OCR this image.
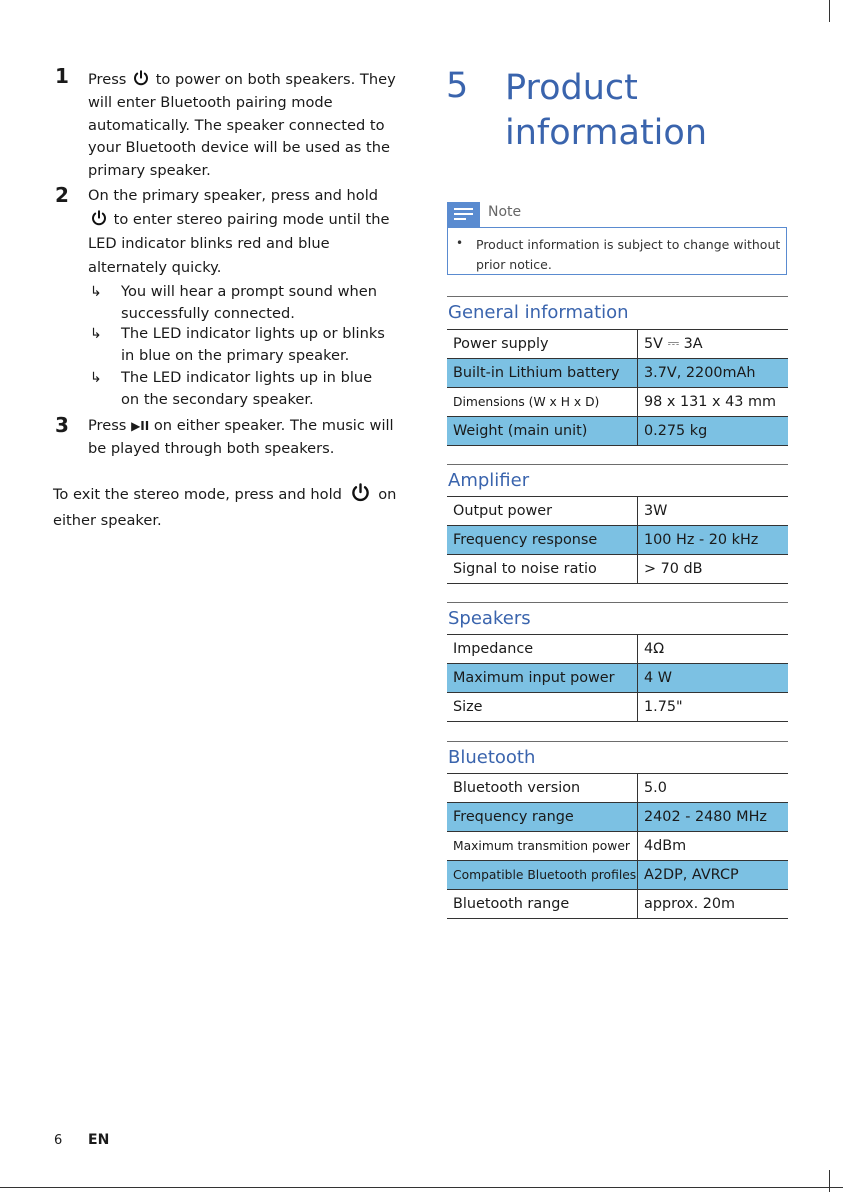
1 Press to power on both speakers. They will enter Bluetooth pairing mode automatically. The speaker connected to your Bluetooth device will be used as the primary speaker.
2 On the primary speaker, press and hold  to enter stereo pairing mode until the LED indicator blinks red and blue alternately quicky.
↳	You will hear a prompt sound when successfully connected.
↳	The LED indicator lights up or blinks in blue on the primary speaker.
↳	The LED indicator lights up in blue on the secondary speaker.
3 Press ▶II on either speaker. The music will be played through both speakers.
To exit the stereo mode, press and hold on either speaker.
5 Product information
Note
• Product information is subject to change without prior notice.
General information
Power supply	5V ⎓ 3A
Built-in Lithium battery	3.7V, 2200mAh
Dimensions (W x H x D)	98 x 131 x 43 mm
Weight (main unit)	0.275 kg
Amplifier
Output power	3W
Frequency response	100 Hz - 20 kHz
Signal to noise ratio	> 70 dB
Speakers
Impedance	4Ω
Maximum input power	4 W
Size	1.75"
Bluetooth
Bluetooth version	5.0
Frequency range	2402 - 2480 MHz
Maximum transmition power	4dBm
Compatible Bluetooth profiles	A2DP, AVRCP
Bluetooth range	approx. 20m
6 EN
